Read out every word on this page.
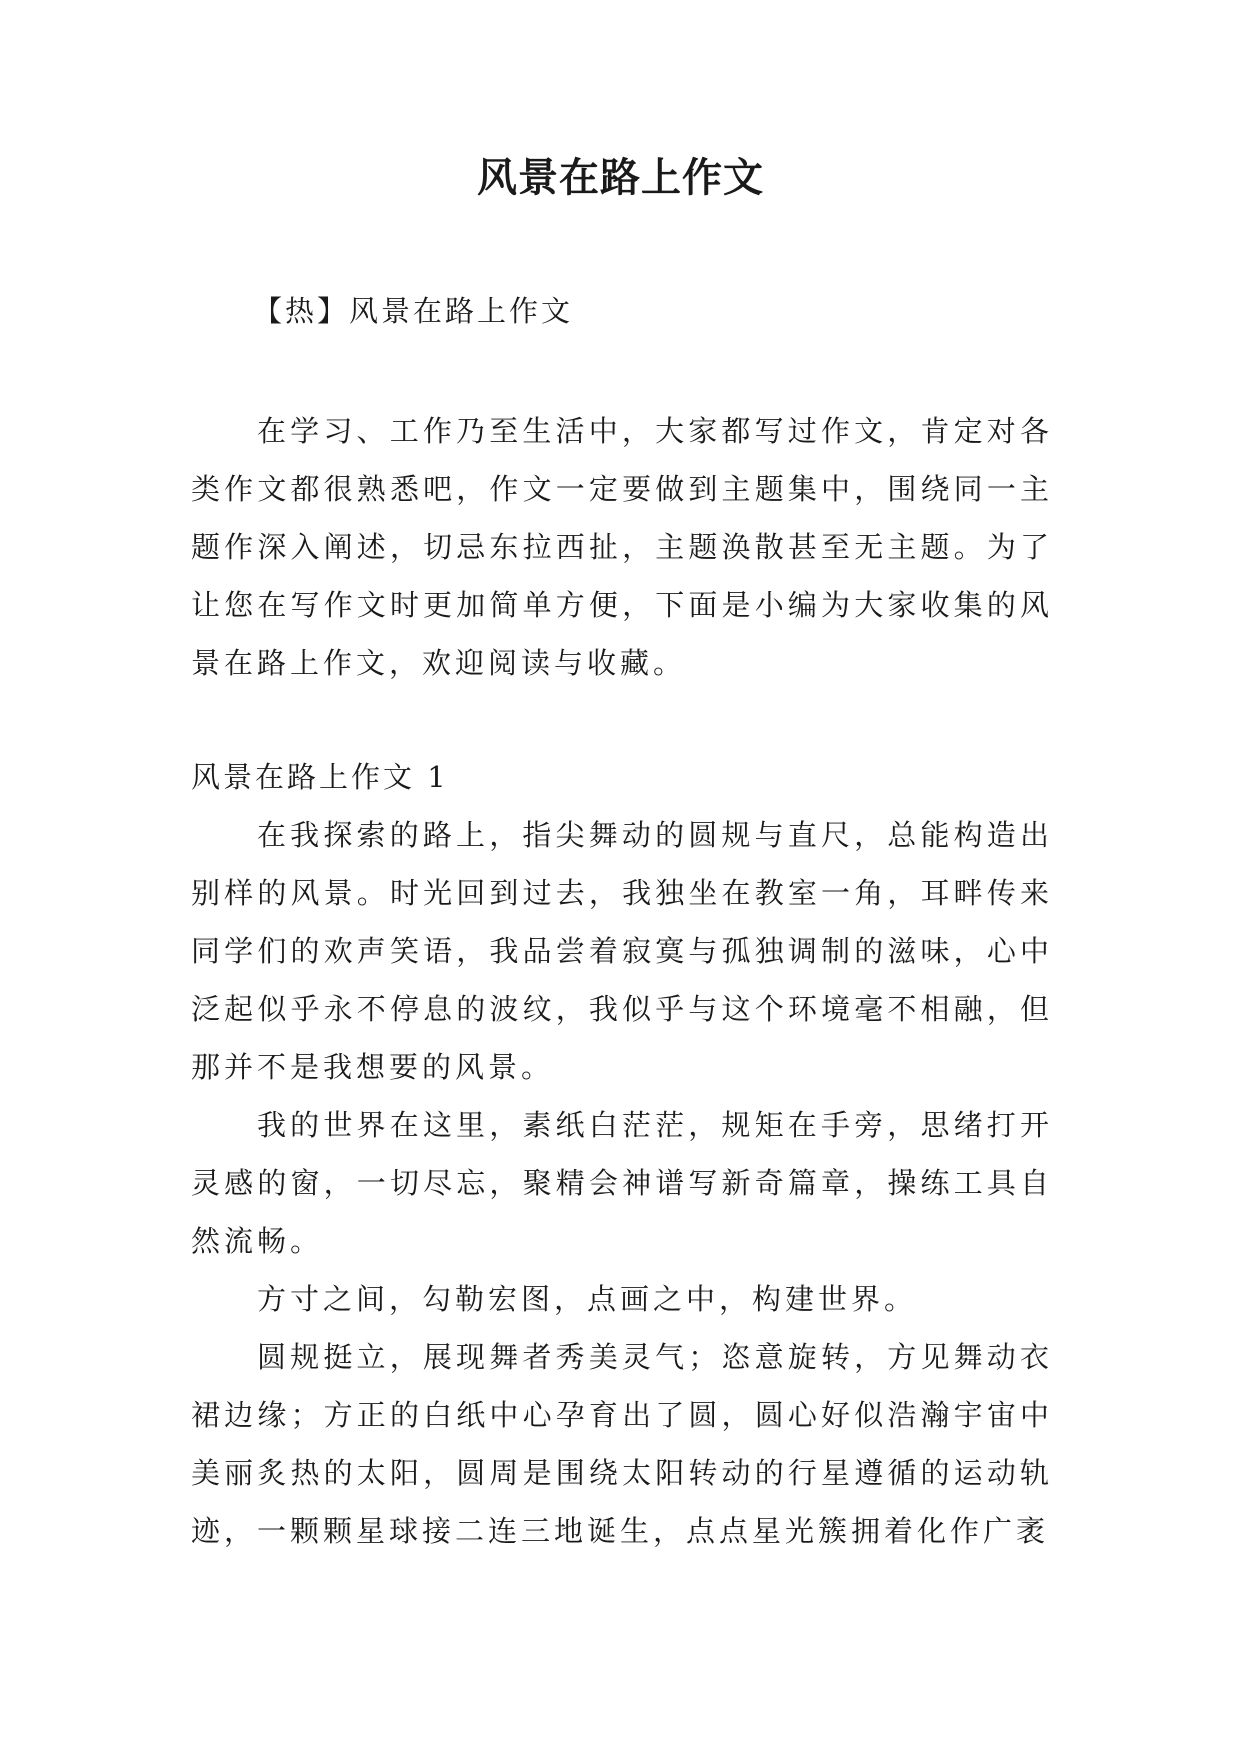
风景在路上作文

【热】风景在路上作文

在学习、工作乃至生活中，大家都写过作文，肯定对各类作文都很熟悉吧，作文一定要做到主题集中，围绕同一主题作深入阐述，切忌东拉西扯，主题涣散甚至无主题。为了让您在写作文时更加简单方便，下面是小编为大家收集的风景在路上作文，欢迎阅读与收藏。

风景在路上作文 1

在我探索的路上，指尖舞动的圆规与直尺，总能构造出别样的风景。时光回到过去，我独坐在教室一角，耳畔传来同学们的欢声笑语，我品尝着寂寞与孤独调制的滋味，心中泛起似乎永不停息的波纹，我似乎与这个环境毫不相融，但那并不是我想要的风景。

我的世界在这里，素纸白茫茫，规矩在手旁，思绪打开灵感的窗，一切尽忘，聚精会神谱写新奇篇章，操练工具自然流畅。

方寸之间，勾勒宏图，点画之中，构建世界。

圆规挺立，展现舞者秀美灵气；恣意旋转，方见舞动衣裙边缘；方正的白纸中心孕育出了圆，圆心好似浩瀚宇宙中美丽炙热的太阳，圆周是围绕太阳转动的行星遵循的运动轨迹，一颗颗星球接二连三地诞生，点点星光簇拥着化作广袤
